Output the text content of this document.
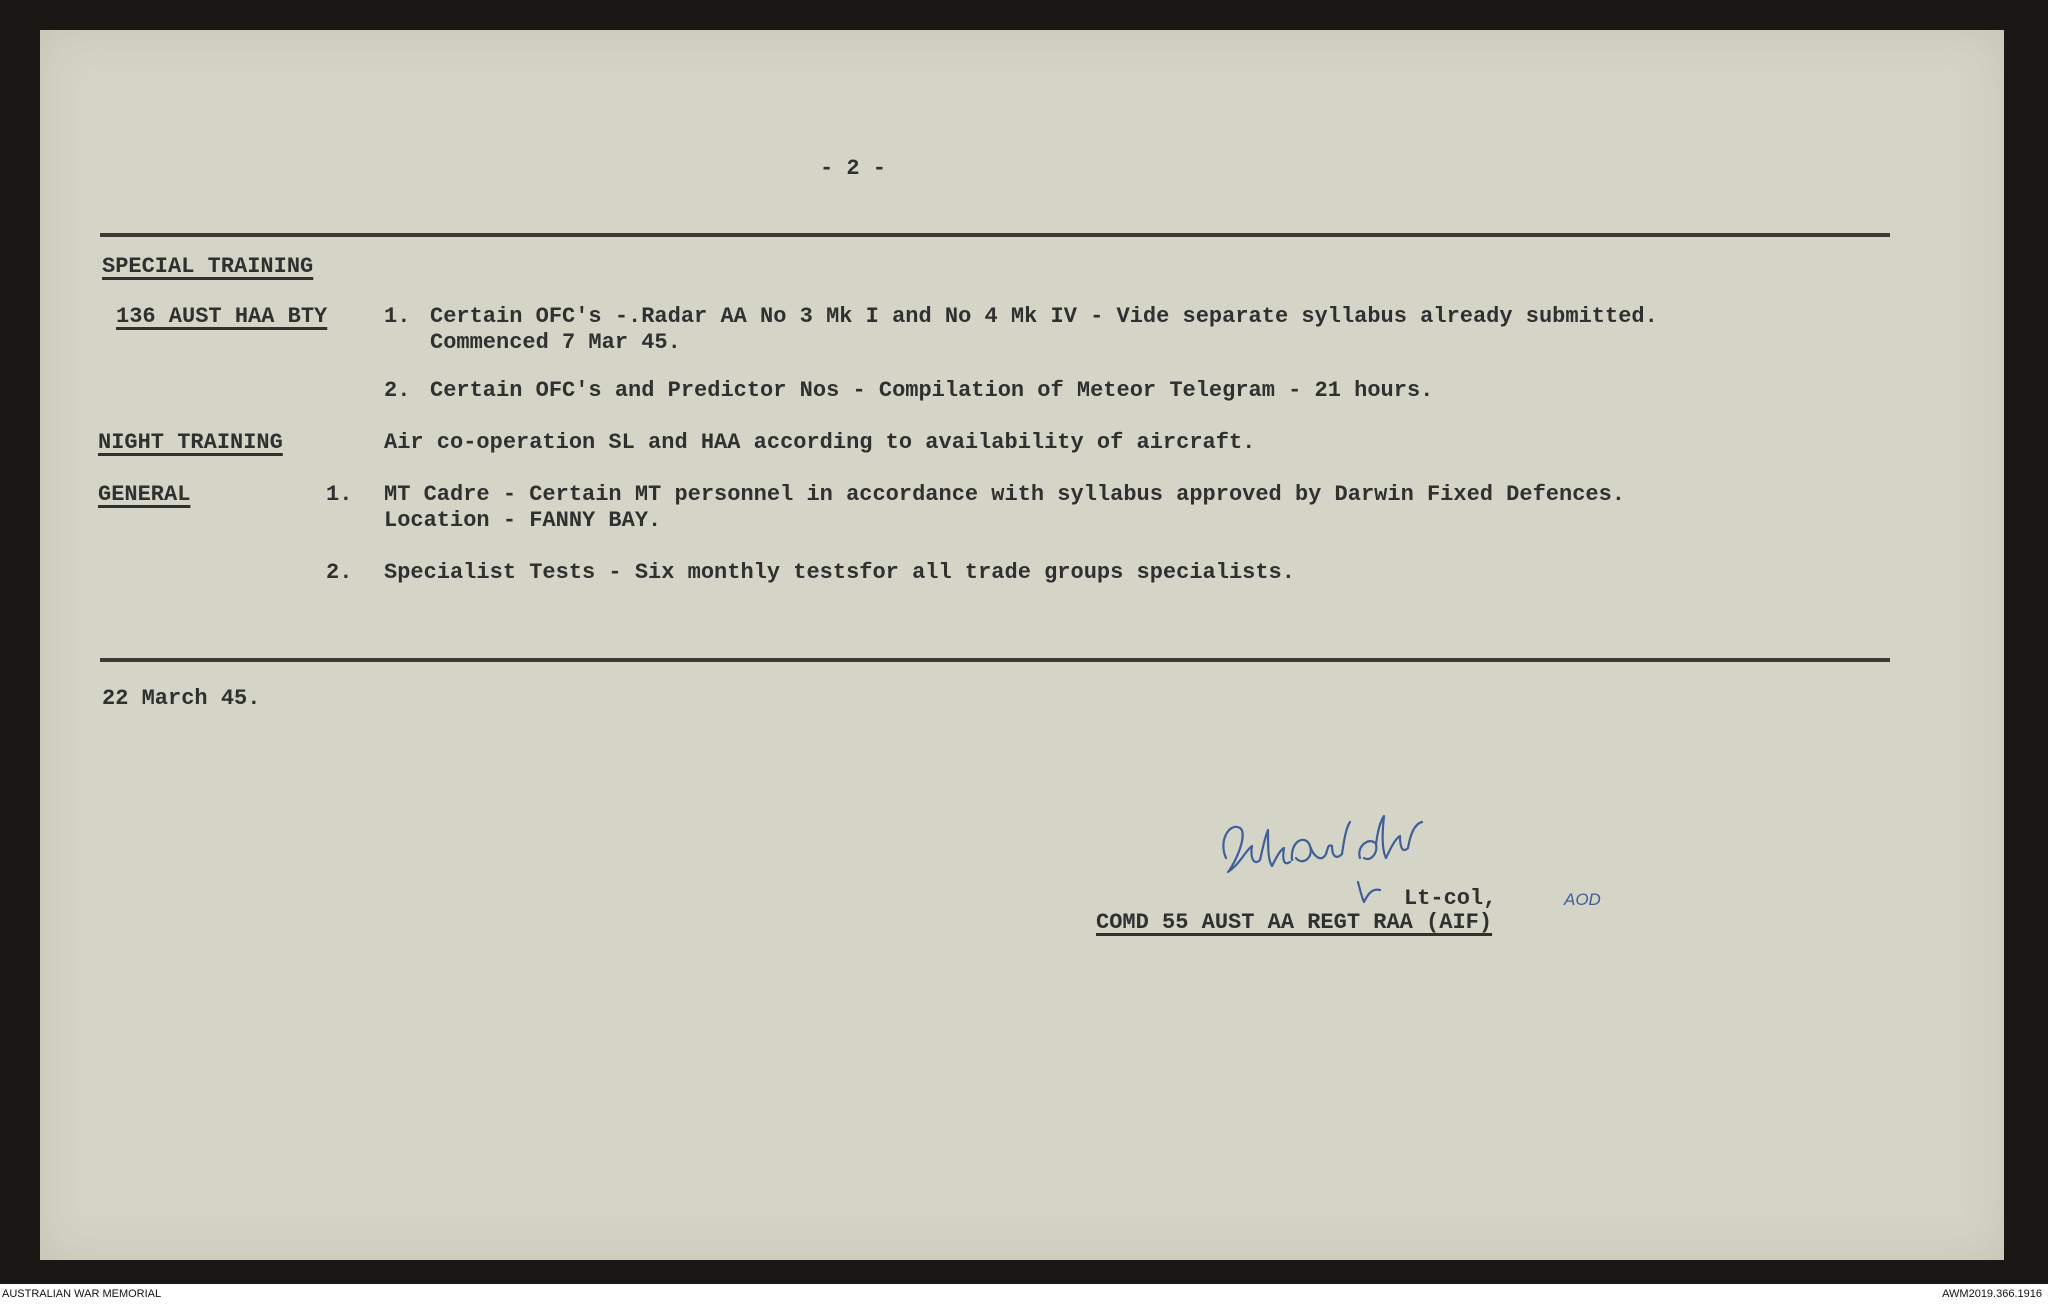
- 2 -
SPECIAL TRAINING
136 AUST HAA BTY	1. Certain OFC's -.Radar AA No 3 Mk I and No 4 Mk IV - Vide separate syllabus already submitted.
Commenced 7 Mar 45.
2. Certain OFC's and Predictor Nos - Compilation of Meteor Telegram - 21 hours.
NIGHT TRAINING	Air co-operation SL and HAA according to availability of aircraft.
GENERAL	1. MT Cadre - Certain MT personnel in accordance with syllabus approved by Darwin Fixed Defences.
Location - FANNY BAY.
2. Specialist Tests - Six monthly testsfor all trade groups specialists.
22 March 45.
Lt-col,	AOD
COMD 55 AUST AA REGT RAA (AIF)
AUSTRALIAN WAR MEMORIAL	AWM2019.366.1916
